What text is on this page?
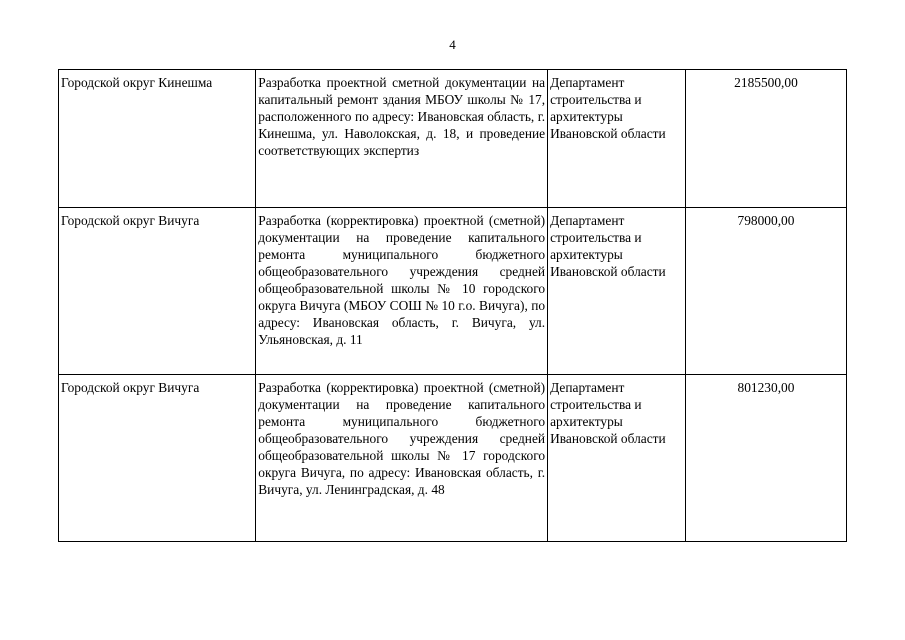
4
Городской округ Кинешма	Разработка проектной сметной документации на капитальный ремонт здания МБОУ школы № 17, расположенного по адресу: Ивановская область, г. Кинешма, ул. Наволокская, д. 18, и проведение соответствующих экспертиз	Департамент строительства и архитектуры Ивановской области	2185500,00
Городской округ Вичуга	Разработка (корректировка) проектной (сметной) документации на проведение капитального ремонта муниципального бюджетного общеобразовательного учреждения средней общеобразовательной школы № 10 городского округа Вичуга (МБОУ СОШ № 10 г.о. Вичуга), по адресу: Ивановская область, г. Вичуга, ул. Ульяновская, д. 11	Департамент строительства и архитектуры Ивановской области	798000,00
Городской округ Вичуга	Разработка (корректировка) проектной (сметной) документации на проведение капитального ремонта муниципального бюджетного общеобразовательного учреждения средней общеобразовательной школы № 17 городского округа Вичуга, по адресу: Ивановская область, г. Вичуга, ул. Ленинградская, д. 48	Департамент строительства и архитектуры Ивановской области	801230,00
